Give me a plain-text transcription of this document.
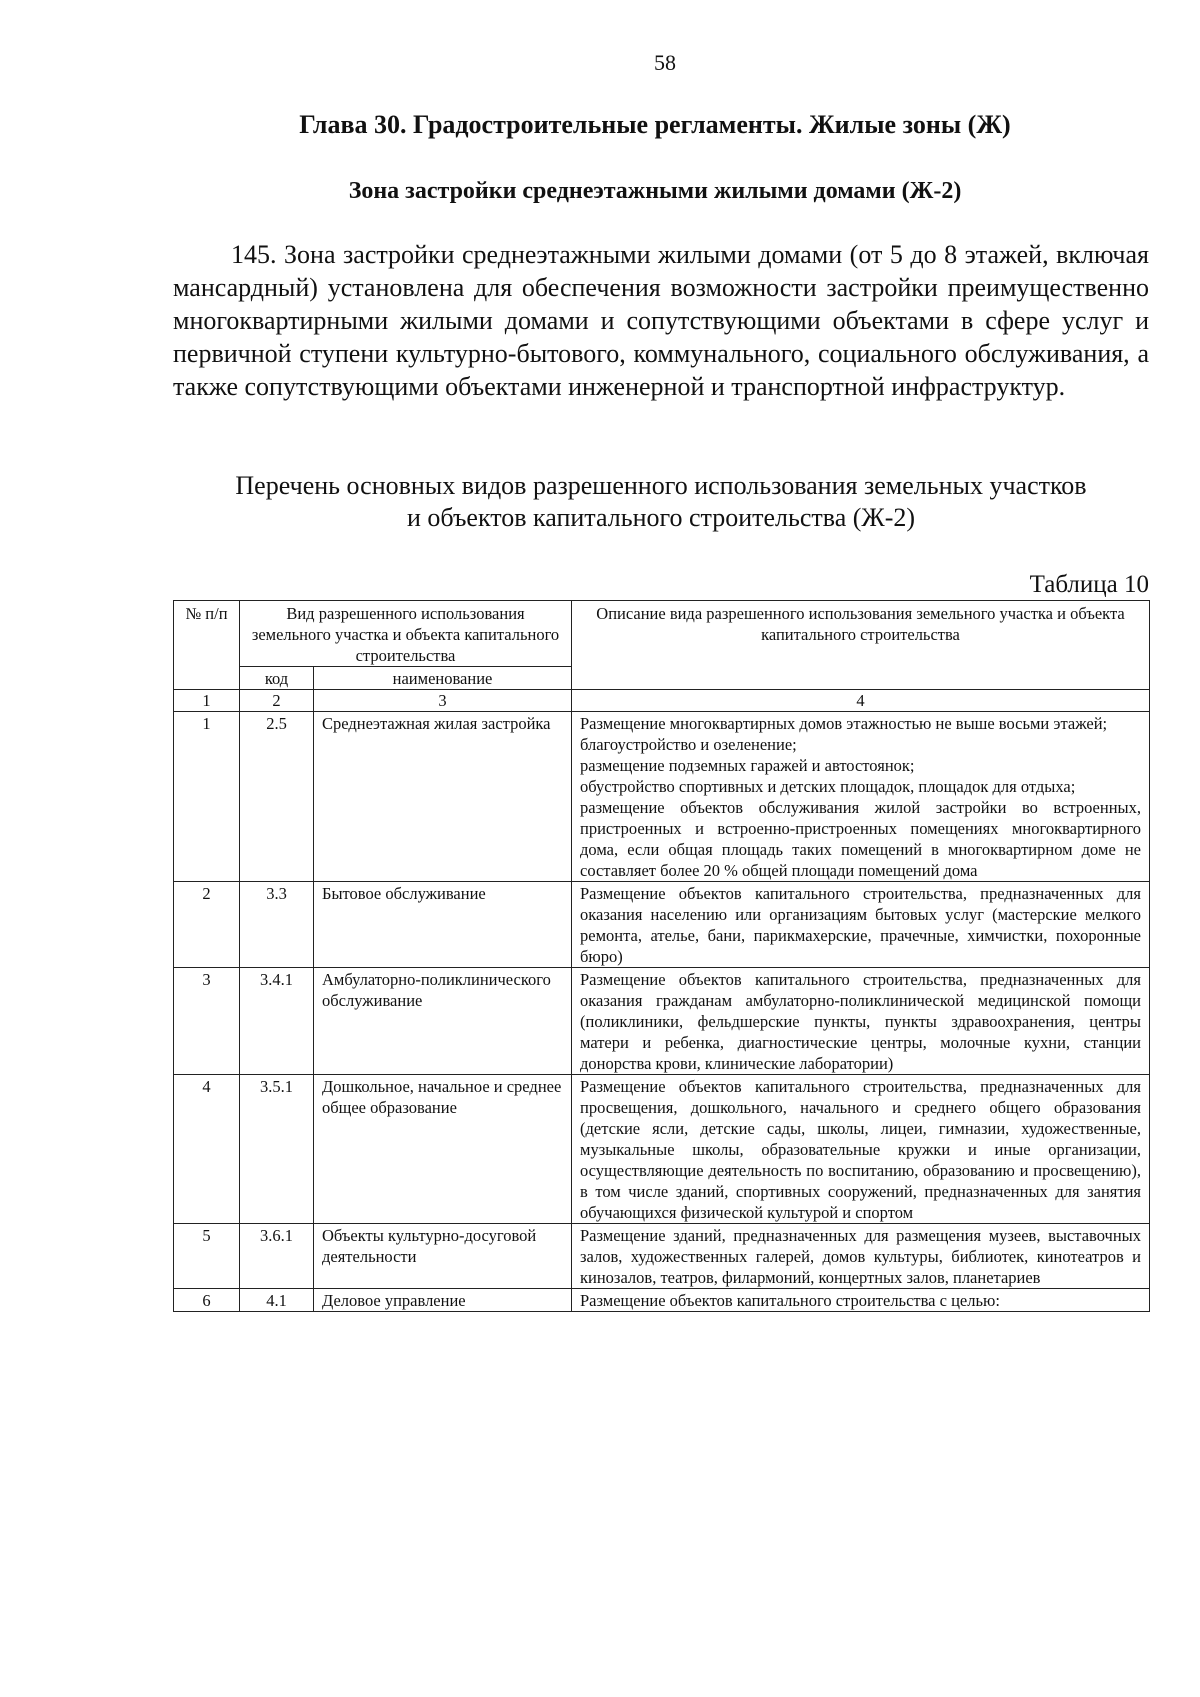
58
Глава 30. Градостроительные регламенты. Жилые зоны (Ж)
Зона застройки среднеэтажными жилыми домами (Ж-2)

145. Зона застройки среднеэтажными жилыми домами (от 5 до 8 этажей, включая мансардный) установлена для обеспечения возможности застройки преимущественно многоквартирными жилыми домами и сопутствующими объектами в сфере услуг и первичной ступени культурно-бытового, коммунального, социального обслуживания, а также сопутствующими объектами инженерной и транспортной инфраструктур.

Перечень основных видов разрешенного использования земельных участков
и объектов капитального строительства (Ж-2)
Таблица 10
№ п/п	Вид разрешенного использования земельного участка и объекта капитального строительства		Описание вида разрешенного использования земельного участка и объекта капитального строительства
	код	наименование	
1	2	3	4
1	2.5	Среднеэтажная жилая застройка	Размещение многоквартирных домов этажностью не выше восьми этажей;
благоустройство и озеленение;
размещение подземных гаражей и автостоянок;
обустройство спортивных и детских площадок, площадок для отдыха;
размещение объектов обслуживания жилой застройки во встроенных, пристроенных и встроенно-пристроенных помещениях многоквартирного дома, если общая площадь таких помещений в многоквартирном доме не составляет более 20 % общей площади помещений дома

2	3.3	Бытовое обслуживание	Размещение объектов капитального строительства, предназначенных для оказания населению или организациям бытовых услуг (мастерские мелкого ремонта, ателье, бани, парикмахерские, прачечные, химчистки, похоронные бюро)

3	3.4.1	Амбулаторно-поликлинического обслуживание	Размещение объектов капитального строительства, предназначенных для оказания гражданам амбулаторно-поликлинической медицинской помощи (поликлиники, фельдшерские пункты, пункты здравоохранения, центры матери и ребенка, диагностические центры, молочные кухни, станции донорства крови, клинические лаборатории)

4	3.5.1	Дошкольное, начальное и среднее общее образование	Размещение объектов капитального строительства, предназначенных для просвещения, дошкольного, начального и среднего общего образования (детские ясли, детские сады, школы, лицеи, гимназии, художественные, музыкальные школы, образовательные кружки и иные организации, осуществляющие деятельность по воспитанию, образованию и просвещению), в том числе зданий, спортивных сооружений, предназначенных для занятия обучающихся физической культурой и спортом

5	3.6.1	Объекты культурно-досуговой деятельности	Размещение зданий, предназначенных для размещения музеев, выставочных залов, художественных галерей, домов культуры, библиотек, кинотеатров и кинозалов, театров, филармоний, концертных залов, планетариев

6	4.1	Деловое управление	Размещение объектов капитального строительства с целью:
